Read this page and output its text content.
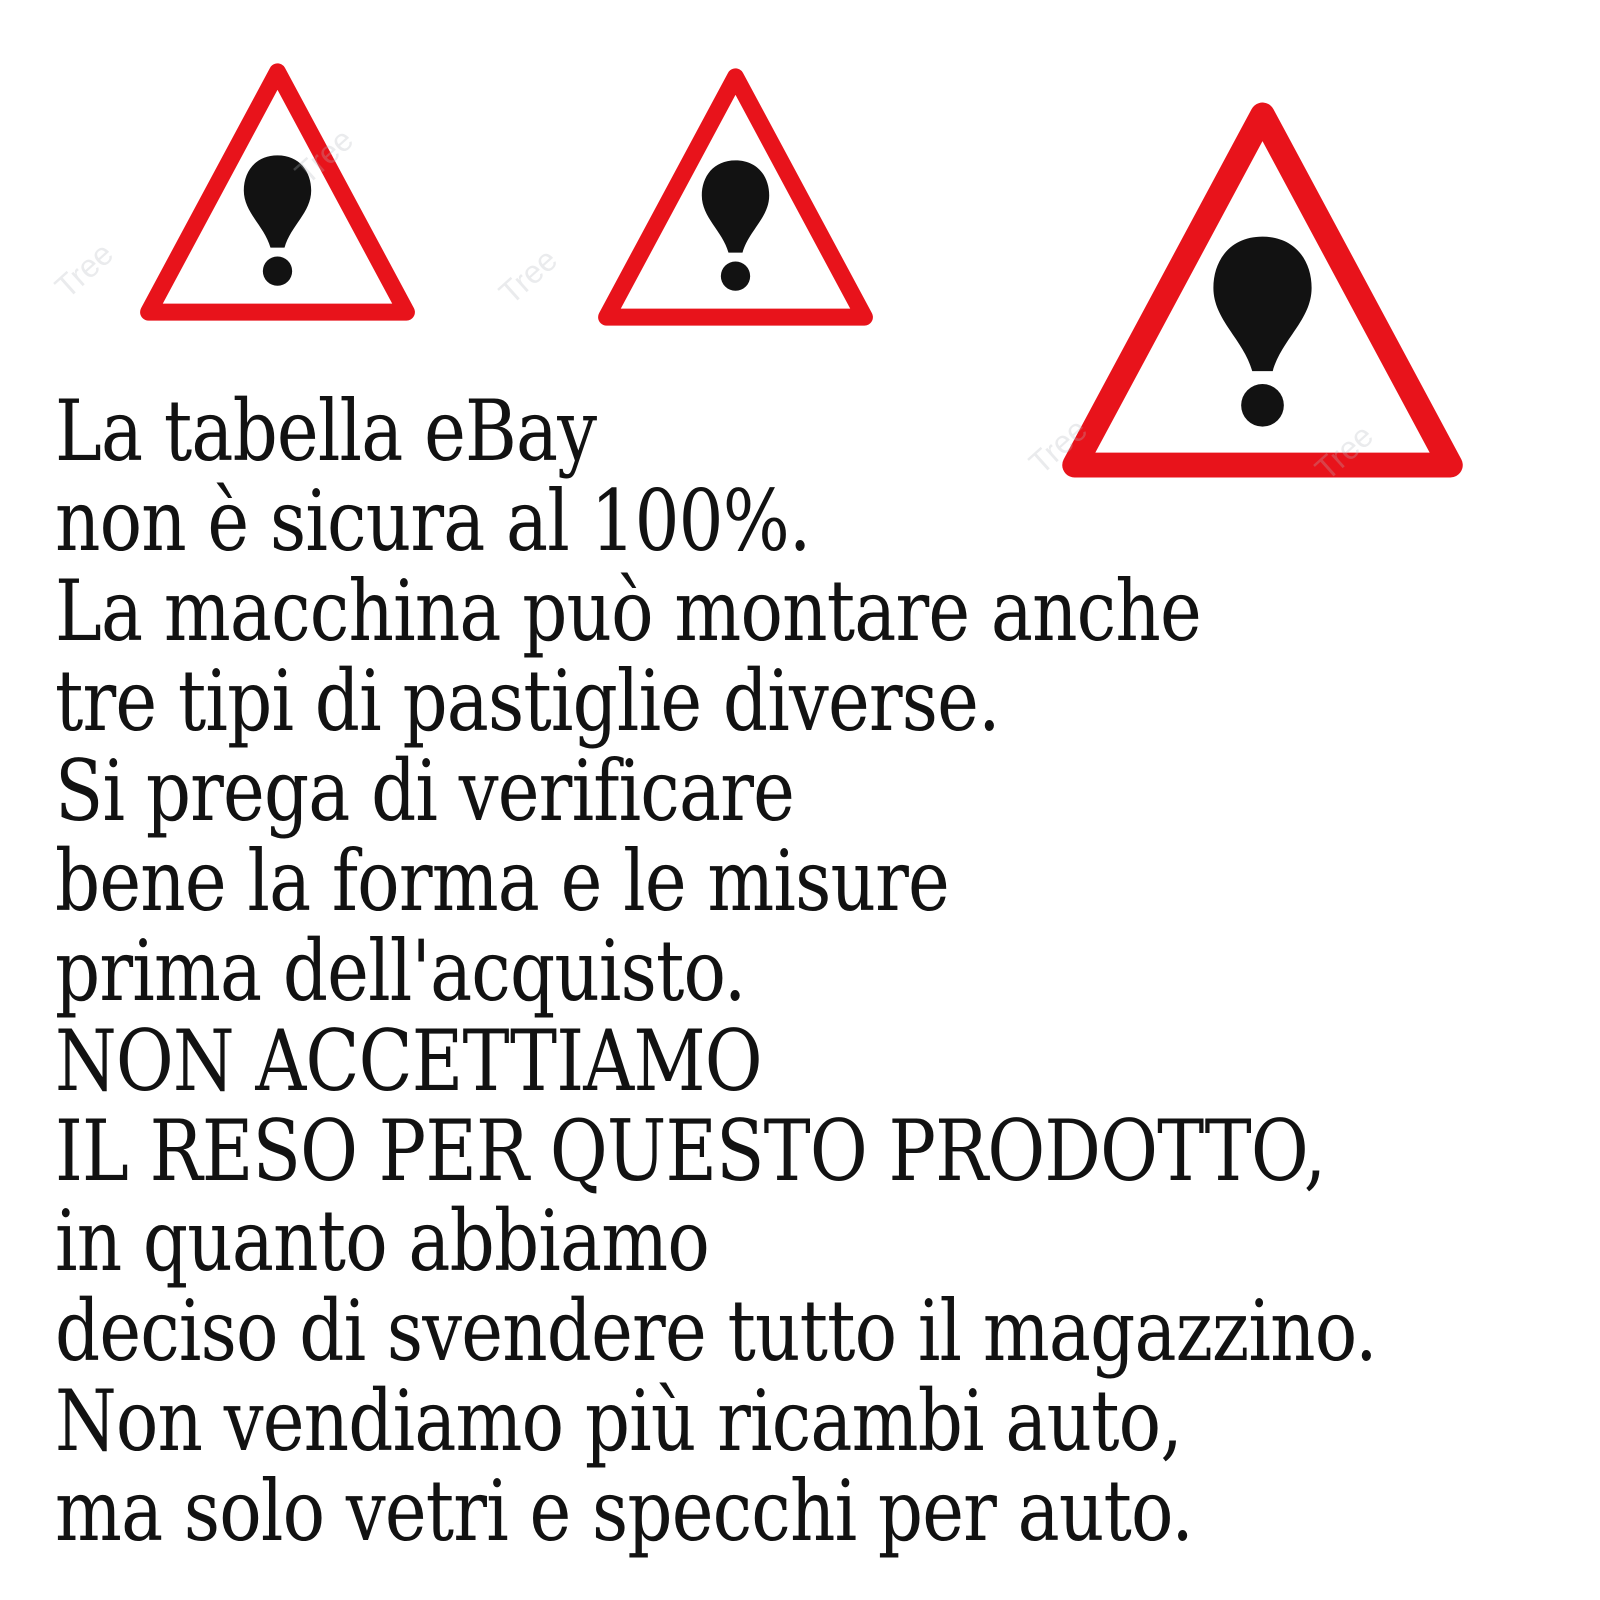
Tree	Tree
Tree	Tree
Tree
La tabella eBay
non è sicura al 100%.
La macchina può montare anche
tre tipi di pastiglie diverse.
Si prega di verificare
bene la forma e le misure
prima dell'acquisto.
NON ACCETTIAMO
IL RESO PER QUESTO PRODOTTO,
in quanto abbiamo
deciso di svendere tutto il magazzino.
Non vendiamo più ricambi auto,
ma solo vetri e specchi per auto.
